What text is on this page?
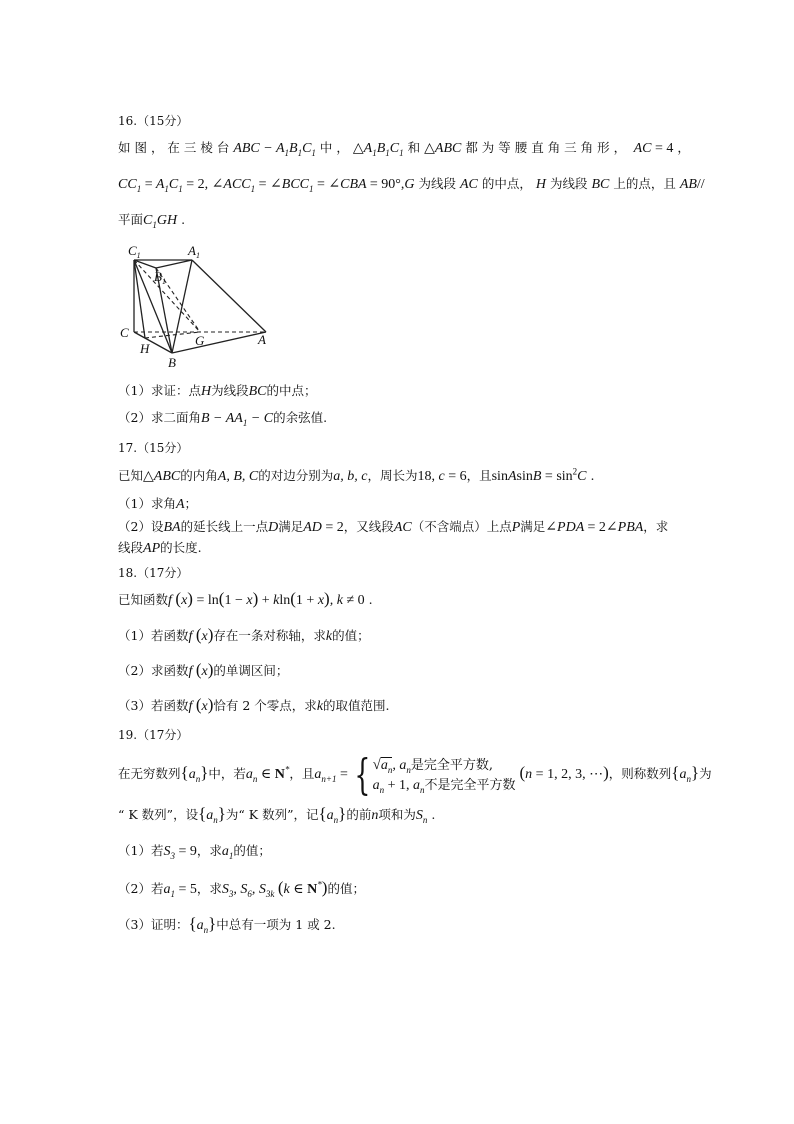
16.（15分）
如 图 ， 在 三 棱 台 ABC − $A_1B_1C_1$ 中 ， $\triangle A_1B_1C_1$ 和 △ABC 都 为 等 腰 直 角 三 角 形 ，  AC = 4 ，
$CC_1 = A_1C_1 = 2$, $\angle ACC_1$ = $\angle BCC_1$ = ∠CBA = 90°,G 为线段 AC 的中点， H 为线段 BC 上的点，且 AB//
平面$C_1GH$ .
$C_1$	$A_1$
$B_1$
C
H
G	A
B
（1）求证：点H为线段BC的中点；
（2）求二面角$B - AA_1 - C$的余弦值.
17.（15分）
已知△ABC的内角A, B, C的对边分别为a, b, c，周长为18, c = 6，且sinAsinB = $\sin^2C$ .
（1）求角A；
（2）设BA的延长线上一点D满足AD = 2，又线段AC（不含端点）上点P满足∠PDA = 2∠PBA，求
线段AP的长度.
18.（17分）
已知函数f (x) = ln(1 − x) + kln(1 + x), k ≠ 0 .
（1）若函数f (x)存在一条对称轴，求k的值；
（2）求函数f (x)的单调区间；
（3）若函数f (x)恰有 2 个零点，求k的取值范围.
19.（17分）
在无穷数列$\{a_n\}$中，若$a_n$ ∈ N*，且$a_{n+1}$ = { $√a_n$, $a_n$是完全平方数,
$a_n + 1$, $a_n$不是完全平方数 (n = 1, 2, 3, ⋯)，则称数列$\{a_n\}$为
“ K 数列”，设$\{a_n\}$为“ K 数列”，记$\{a_n\}$的前n项和为$S_n$ .
（1）若$S_3 = 9$，求$a_1$的值；
（2）若$a_1 = 5$，求$S_3$, $S_6$, $S_{3k}$ (k ∈ N*)的值；
（3）证明：$\{a_n\}$中总有一项为 1 或 2.
